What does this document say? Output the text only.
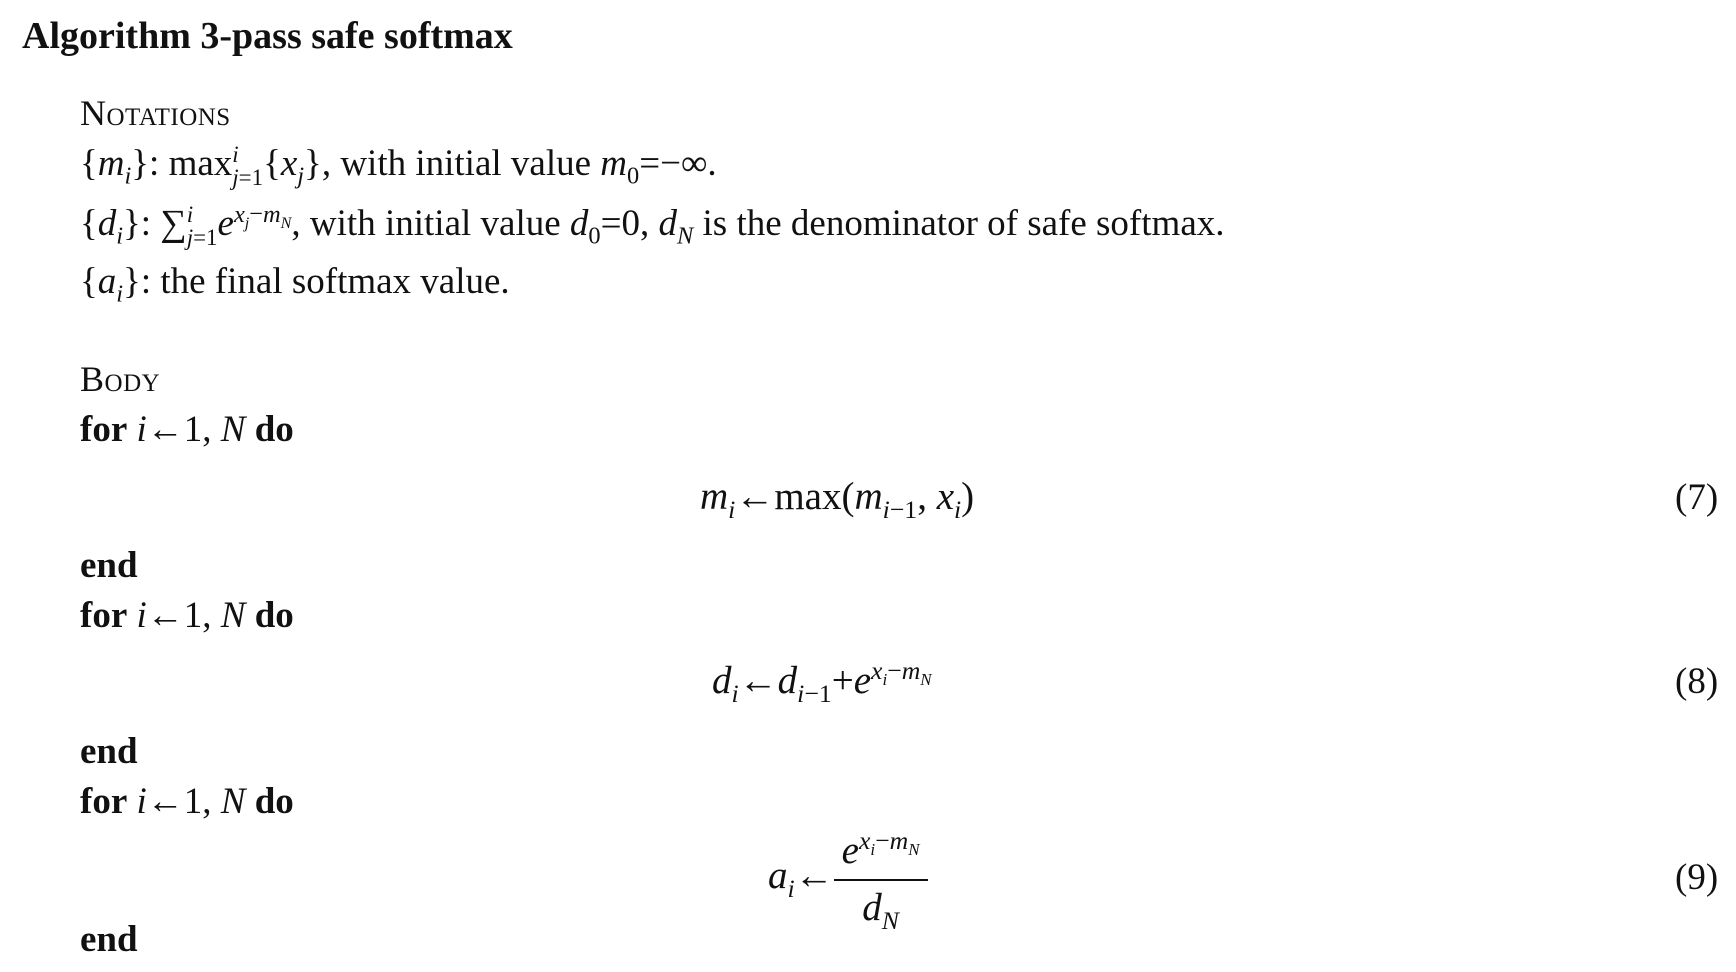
Algorithm 3-pass safe softmax
Notations
$\{m_i\}$: max i
j=1 $\{x_j\}$, with initial value $m_0=-\infty$.
$\{d_i\}$: ∑ i
j=1 $e^{x_j-m_N}$, with initial value $d_0=0$, $d_N$ is the denominator of safe softmax.
$\{a_i\}$: the final softmax value.
Body
for i←1, N do
$m_i\leftarrow\max(m_{i-1}$, $x_i$)	(7)
end
for i←1, N do
$d_i\leftarrow d_{i-1}+e^{x_i-m_N}$	(8)
end
for i←1, N do
$a_i\leftarrow \frac{e^{x_i-m_N}}{d_N}$	(9)
end
